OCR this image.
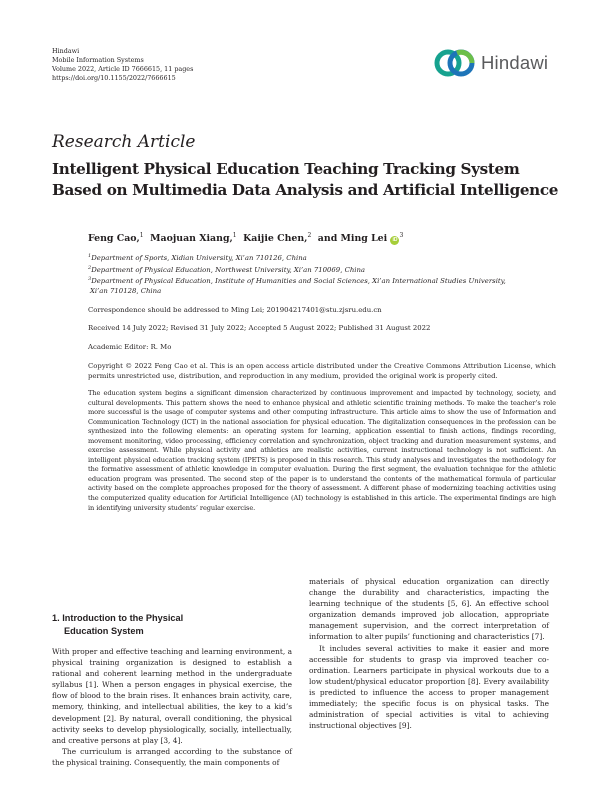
Hindawi
Mobile Information Systems
Volume 2022, Article ID 7666615, 11 pages
https://doi.org/10.1155/2022/7666615
Hindawi
Research Article
Intelligent Physical Education Teaching Tracking System Based on Multimedia Data Analysis and Artificial Intelligence
Feng Cao,$^1$ Maojuan Xiang,$^1$ Kaijie Chen,$^2$ and Ming Lei $iD^3$
$^1$Department of Sports, Xidian University, Xi’an 710126, China
$^2$Department of Physical Education, Northwest University, Xi’an 710069, China
$^3$Department of Physical Education, Institute of Humanities and Social Sciences, Xi’an International Studies University,
Xi’an 710128, China
Correspondence should be addressed to Ming Lei; 201904217401@stu.zjsru.edu.cn
Received 14 July 2022; Revised 31 July 2022; Accepted 5 August 2022; Published 31 August 2022
Academic Editor: R. Mo
Copyright © 2022 Feng Cao et al. This is an open access article distributed under the Creative Commons Attribution License, which permits unrestricted use, distribution, and reproduction in any medium, provided the original work is properly cited.
The education system begins a significant dimension characterized by continuous improvement and impacted by technology, society, and cultural developments. This pattern shows the need to enhance physical and athletic scientific training methods. To make the teacher’s role more successful is the usage of computer systems and other computing infrastructure. This article aims to show the use of Information and Communication Technology (ICT) in the national association for physical education. The digitalization consequences in the profession can be synthesized into the following elements: an operating system for learning, application essential to finish actions, findings recording, movement monitoring, video processing, efficiency correlation and synchronization, object tracking and duration measurement systems, and exercise assessment. While physical activity and athletics are realistic activities, current instructional technology is not sufficient. An intelligent physical education tracking system (IPETS) is proposed in this research. This study analyses and investigates the methodology for the formative assessment of athletic knowledge in computer evaluation. During the first segment, the evaluation technique for the athletic education program was presented. The second step of the paper is to understand the contents of the mathematical formula of particular activity based on the complete approaches proposed for the theory of assessment. A different phase of modernizing teaching activities using the computerized quality education for Artificial Intelligence (AI) technology is established in this article. The experimental findings are high in identifying university students’ regular exercise.
1. Introduction to the Physical
Education System

With proper and effective teaching and learning environment, a physical training organization is designed to establish a rational and coherent learning method in the undergraduate syllabus [1]. When a person engages in physical exercise, the flow of blood to the brain rises. It enhances brain activity, care, memory, thinking, and intellectual abilities, the key to a kid’s development [2]. By natural, overall conditioning, the physical activity seeks to develop physiologically, socially, intellectually, and creative persons at play [3, 4].

The curriculum is arranged according to the substance of the physical training. Consequently, the main components of

materials of physical education organization can directly change the durability and characteristics, impacting the learning technique of the students [5, 6]. An effective school organization demands improved job allocation, appropriate management supervision, and the correct interpretation of information to alter pupils’ functioning and characteristics [7].

It includes several activities to make it easier and more accessible for students to grasp via improved teacher co-ordination. Learners participate in physical workouts due to a low student/physical educator proportion [8]. Every availability is predicted to influence the access to proper management immediately; the specific focus is on physical tasks. The administration of special activities is vital to achieving instructional objectives [9].
